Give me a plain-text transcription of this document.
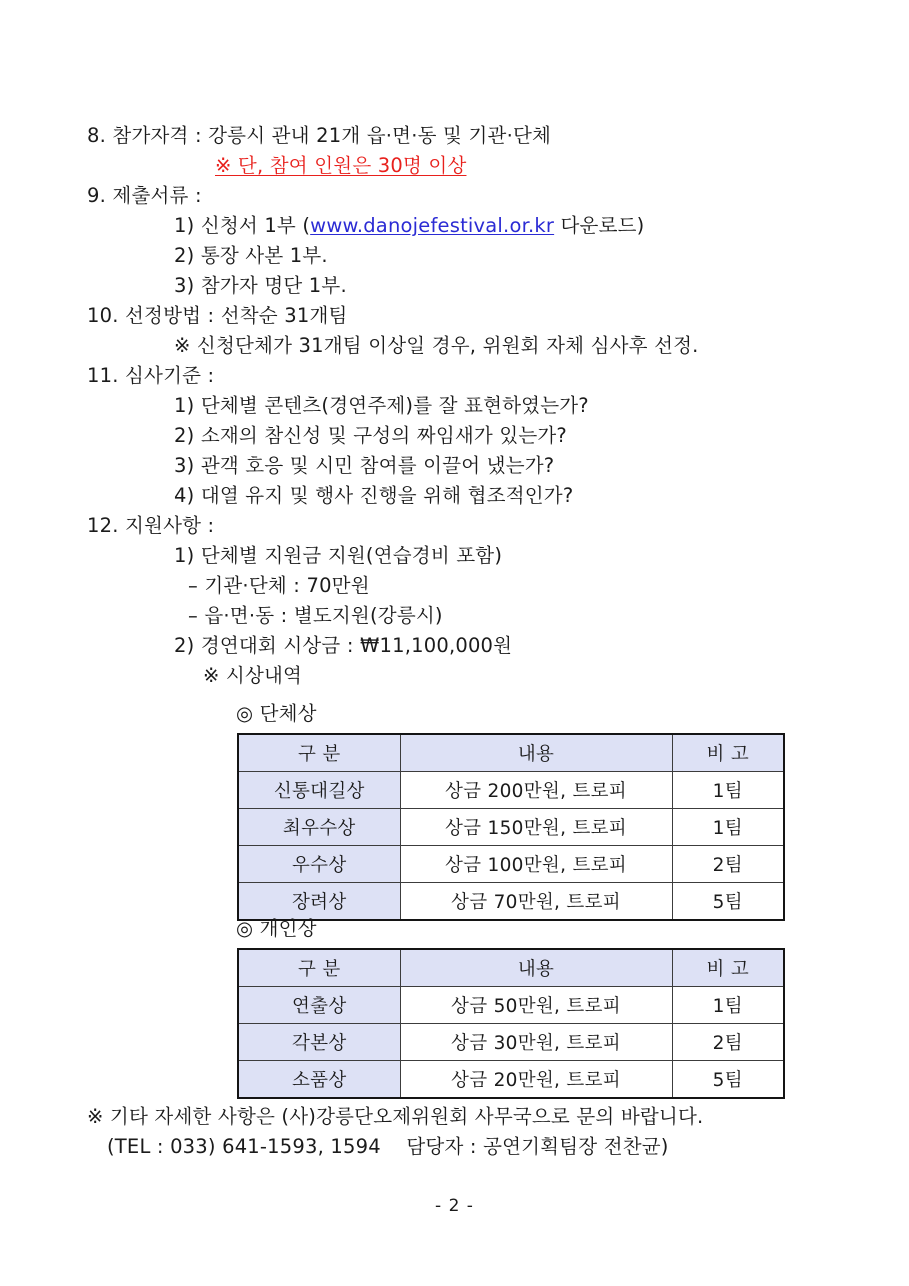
8. 참가자격 : 강릉시 관내 21개 읍·면·동 및 기관·단체
※ 단, 참여 인원은 30명 이상
9. 제출서류 :
1) 신청서 1부 (www.danojefestival.or.kr 다운로드)
2) 통장 사본 1부.
3) 참가자 명단 1부.
10. 선정방법 : 선착순 31개팀
※ 신청단체가 31개팀 이상일 경우, 위원회 자체 심사후 선정.
11. 심사기준 :
1) 단체별 콘텐츠(경연주제)를 잘 표현하였는가?
2) 소재의 참신성 및 구성의 짜임새가 있는가?
3) 관객 호응 및 시민 참여를 이끌어 냈는가?
4) 대열 유지 및 행사 진행을 위해 협조적인가?
12. 지원사항 :
1) 단체별 지원금 지원(연습경비 포함)
– 기관·단체 : 70만원
– 읍·면·동 : 별도지원(강릉시)
2) 경연대회 시상금 : ₩11,100,000원
※ 시상내역
◎ 단체상
구 분	내용	비 고
신통대길상	상금 200만원, 트로피	1팀
최우수상	상금 150만원, 트로피	1팀
우수상	상금 100만원, 트로피	2팀
장려상	상금 70만원, 트로피	5팀
◎ 개인상
구 분	내용	비 고
연출상	상금 50만원, 트로피	1팀
각본상	상금 30만원, 트로피	2팀
소품상	상금 20만원, 트로피	5팀
※ 기타 자세한 사항은 (사)강릉단오제위원회 사무국으로 문의 바랍니다.
(TEL : 033) 641-1593, 1594    담당자 : 공연기획팀장 전찬균)
- 2 -
